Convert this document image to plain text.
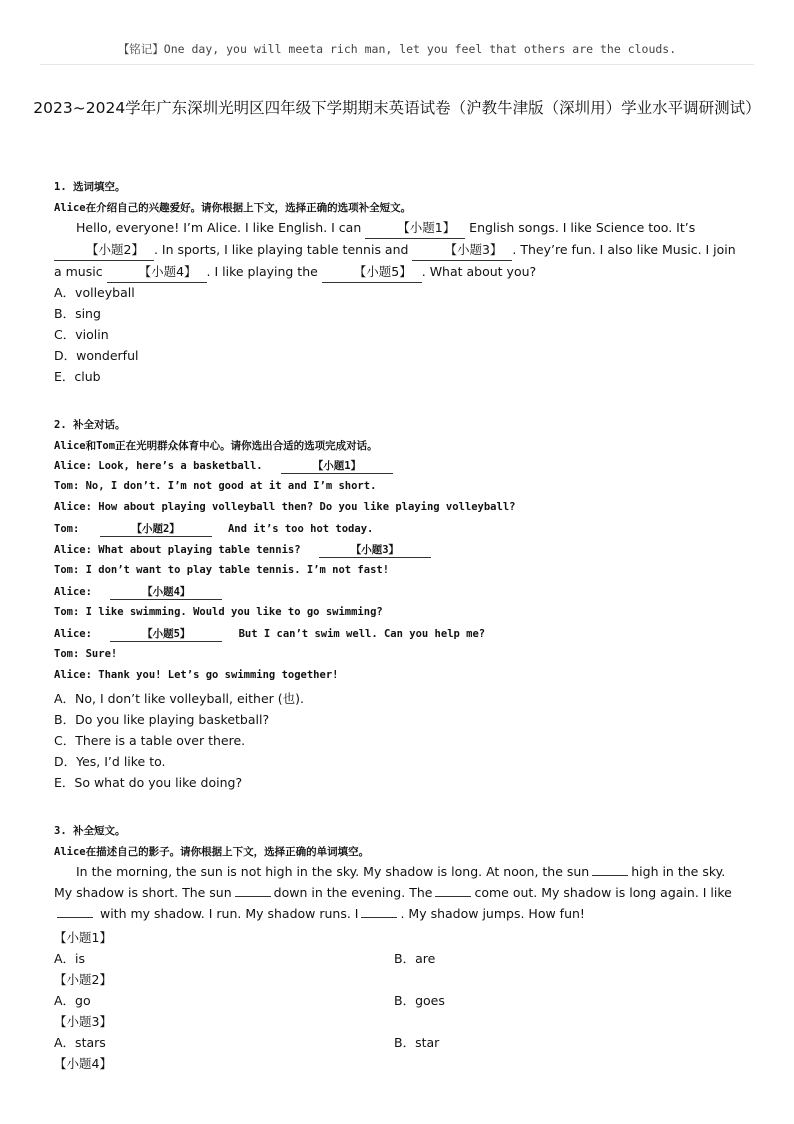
【铭记】One day, you will meeta rich man, let you feel that others are the clouds.
2023~2024学年广东深圳光明区四年级下学期期末英语试卷（沪教牛津版（深圳用）学业水平调研测试）
1. 选词填空。
Alice在介绍自己的兴趣爱好。请你根据上下文，选择正确的选项补全短文。
Hello, everyone! I’m Alice. I like English. I can	【小题1】 English songs. I like Science too. It’s 【小题2】 . In sports, I like playing table tennis and	【小题3】 . They’re fun. I also like Music. I join a music	【小题4】 . I like playing the	【小题5】 . What about you?
A．volleyball
B．sing
C．violin
D．wonderful
E．club
2. 补全对话。
Alice和Tom正在光明群众体育中心。请你选出合适的选项完成对话。
Alice: Look, here’s a basketball.	【小题1】
Tom: No, I don’t. I’m not good at it and I’m short.
Alice: How about playing volleyball then? Do you like playing volleyball?
Tom:	【小题2】	And it’s too hot today.
Alice: What about playing table tennis?	【小题3】
Tom: I don’t want to play table tennis. I’m not fast!
Alice:	【小题4】
Tom: I like swimming. Would you like to go swimming?
Alice:	【小题5】	But I can’t swim well. Can you help me?
Tom: Sure!
Alice: Thank you! Let’s go swimming together!
A．No, I don’t like volleyball, either (也).
B．Do you like playing basketball?
C．There is a table over there.
D．Yes, I’d like to.
E．So what do you like doing?
3. 补全短文。
Alice在描述自己的影子。请你根据上下文，选择正确的单词填空。
In the morning, the sun is not high in the sky. My shadow is long. At noon, the sun	high in the sky. My shadow is short. The sun	down in the evening. The	come out. My shadow is long again. I like with my shadow. I run. My shadow runs. I	. My shadow jumps. How fun!
【小题1】
A．is	B．are
【小题2】
A．go	B．goes
【小题3】
A．stars	B．star
【小题4】
